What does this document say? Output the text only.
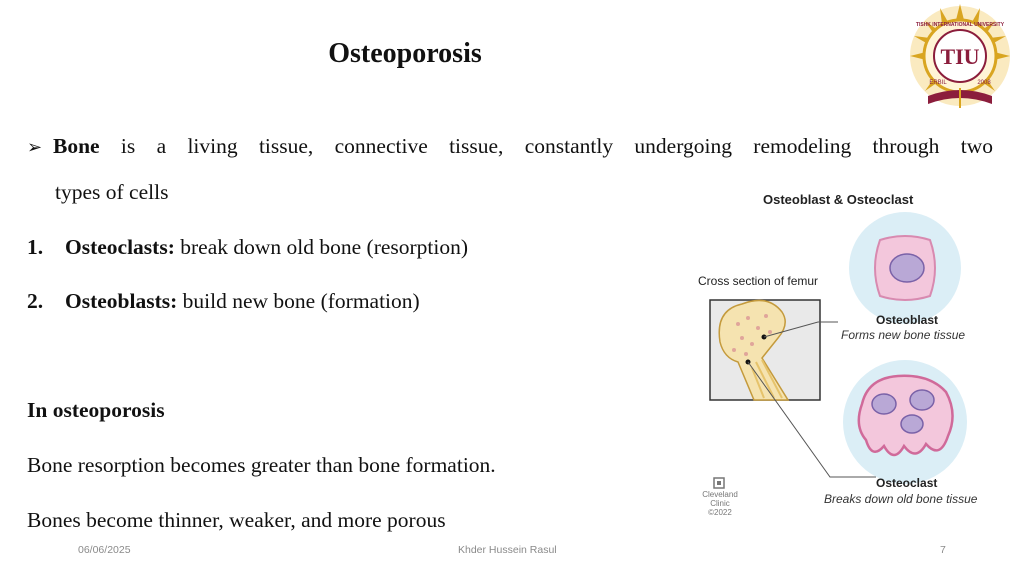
Osteoporosis	TIU
ERBIL	2008
TISHK INTERNATIONAL UNIVERSITY
➢ Bone is a living tissue, connective tissue, constantly undergoing remodeling through two
types of cells
1. Osteoclasts: break down old bone (resorption)
2. Osteoblasts: build new bone (formation)
In osteoporosis
Bone resorption becomes greater than bone formation.
Bones become thinner, weaker, and more porous
Osteoblast & Osteoclast
Cross section of femur
Osteoblast
Forms new bone tissue
Osteoclast
Breaks down old bone tissue
Cleveland
Clinic
©2022
06/06/2025	Khder Hussein Rasul	7
